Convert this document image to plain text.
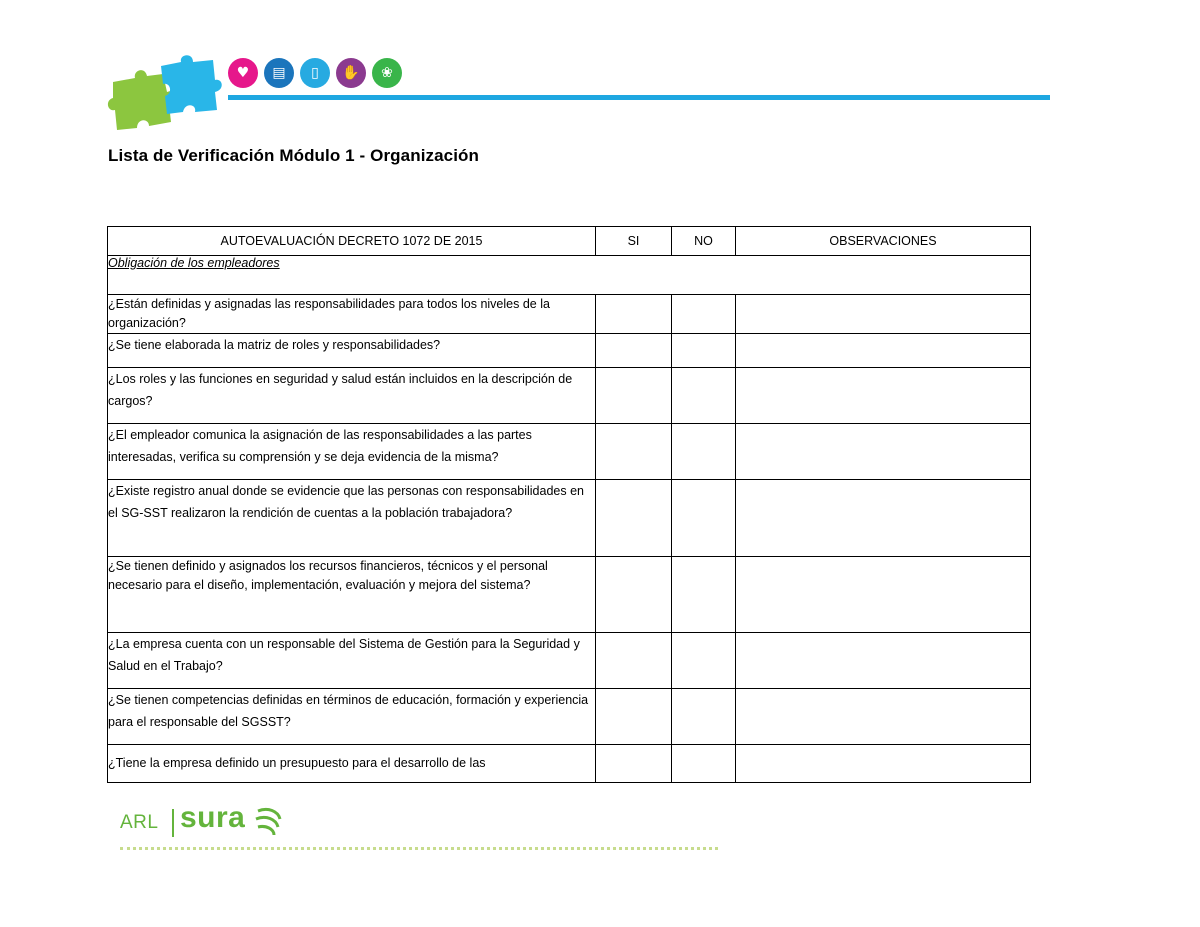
♥	▤	▯	✋	❀
Lista de Verificación Módulo 1 - Organización
AUTOEVALUACIÓN DECRETO 1072 DE 2015	SI	NO	OBSERVACIONES
Obligación de los empleadores			
¿Están definidas y asignadas las responsabilidades para todos los niveles de la organización?			
¿Se tiene elaborada la matriz de roles y responsabilidades?			
¿Los roles y las funciones en seguridad y salud están incluidos en la descripción de cargos?			
¿El empleador comunica la asignación de las responsabilidades a las partes interesadas, verifica su comprensión y se deja evidencia de la misma?			
¿Existe registro anual donde se evidencie que las personas con responsabilidades en el SG-SST realizaron la rendición de cuentas a la población trabajadora?			
¿Se tienen definido y asignados los recursos financieros, técnicos y el personal necesario para el diseño, implementación, evaluación y mejora del sistema?			
¿La empresa cuenta con un responsable del Sistema de Gestión para la Seguridad y Salud en el Trabajo?			
¿Se tienen competencias definidas en términos de educación, formación y experiencia para el responsable del SGSST?			
¿Tiene la empresa definido un presupuesto para el desarrollo de las			
ARL sura
